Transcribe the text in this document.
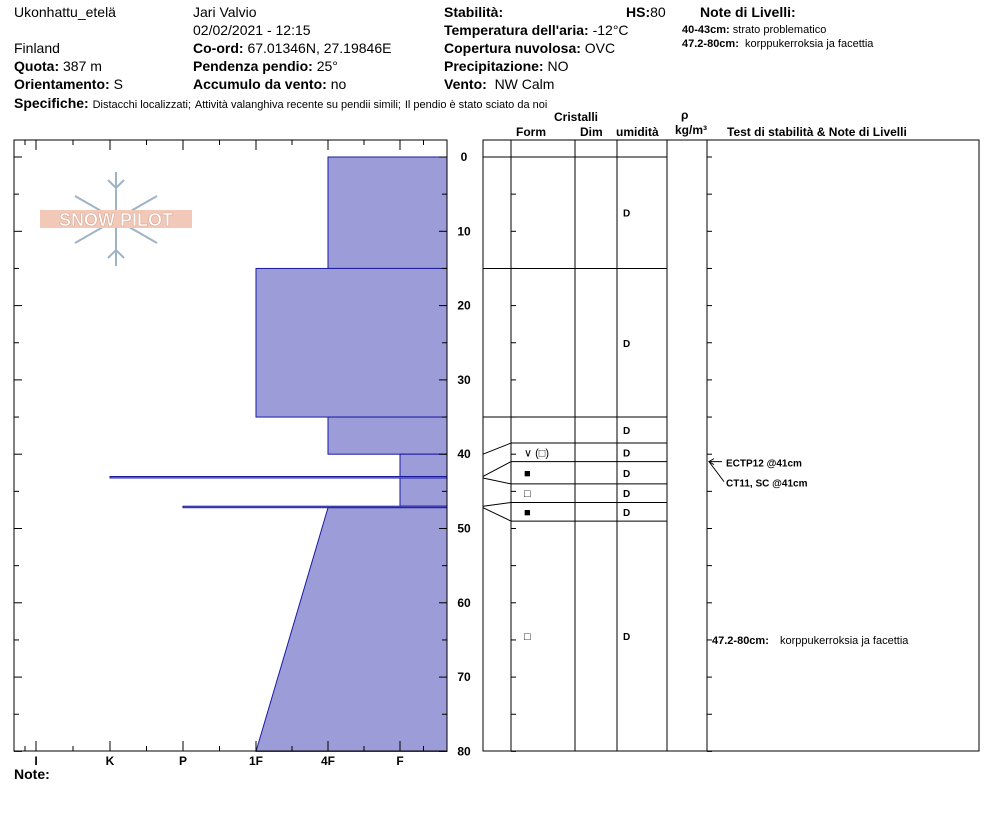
Ukonhattu_etelä
Finland
Quota: 387 m
Orientamento: S
Jari Valvio
02/02/2021 - 12:15
Co-ord: 67.01346N, 27.19846E
Pendenza pendio: 25°
Accumulo da vento: no
Stabilità:	HS:80
Temperatura dell'aria: -12°C
Copertura nuvolosa: OVC
Precipitazione: NO
Vento: NW Calm
Note di Livelli:
40-43cm: strato problematico
47.2-80cm: korppukerroksia ja facettia
Specifiche: Distacchi localizzati; Attività valanghiva recente su pendii simili; Il pendio è stato sciato da noi
Cristalli
Form	Dim umidità
ρ
kg/m³ Test di stabilità & Note di Livelli
Note:
SNOW PILOT
0
10
20
30
40
50
60
70
80
I	K	P	1F	4F	F
D
D
D
∨ (□)	D
■	D
□	D
■	D
□	D
ECTP12 @41cm
CT11, SC @41cm
47.2-80cm: korppukerroksia ja facettia
